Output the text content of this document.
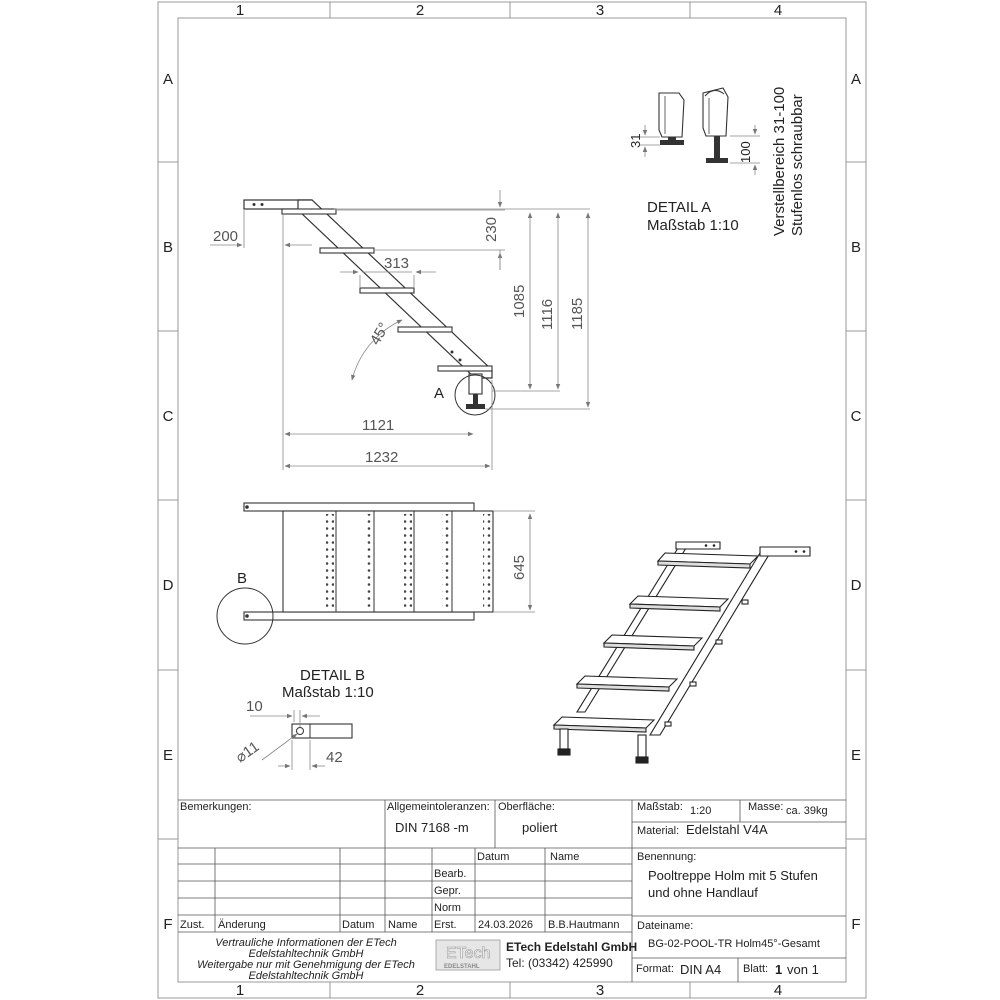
1	2	3	4
1	2	3	4
A
B
C
D
E
F
A
B
C
D
E
F
A
200	230
313
45°
1085 1116 1185
1121
1232
B	645
31
100
DETAIL A
Maßstab 1:10 Verstellbereich 31-100 Stufenlos schraubbar
DETAIL B
Maßstab 1:10
10
⌀11	42
Bemerkungen:	Allgemeintoleranzen:
DIN 7168 -m
Oberfläche:
poliert
Maßstab: 1:20	Masse: ca. 39kg
Material: Edelstahl V4A
Datum	Name
Bearb.
Gepr.
Norm
Zust. Änderung	Datum Name Erst. 24.03.2026 B.B.Hautmann
Benennung:
Pooltreppe Holm mit 5 Stufen
und ohne Handlauf
Dateiname:
BG-02-POOL-TR Holm45°-Gesamt
Format: DIN A4 Blatt: 1 von 1
Vertrauliche Informationen der ETech
Edelstahltechnik GmbH
Weitergabe nur mit Genehmigung der ETech
Edelstahltechnik GmbH
ETech
EDELSTAHL
ETech Edelstahl GmbH
Tel: (03342) 425990
